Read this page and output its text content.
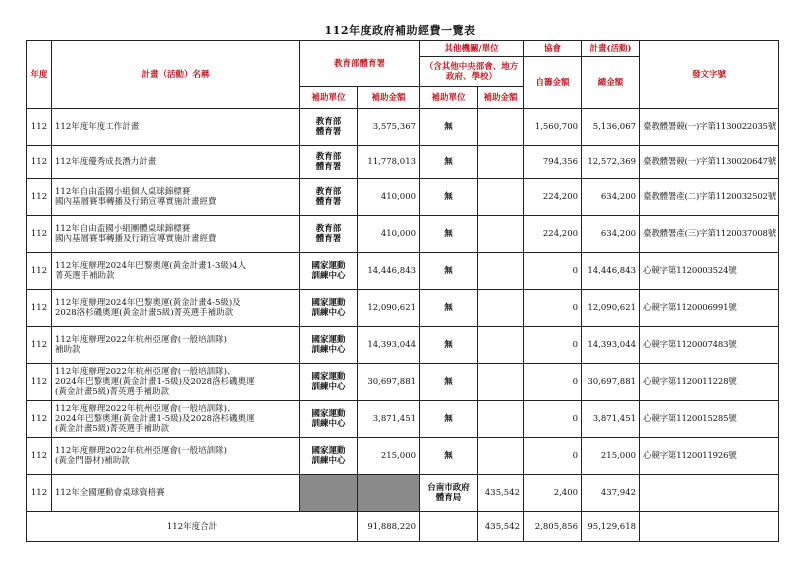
112年度政府補助經費一覽表
年度	計畫（活動）名稱	教育部體育署		其他機關/單位		協會	計畫(活動)	發文字號
				（含其他中央部會、地方政府、學校）		自籌金額	總金額	
		補助單位	補助金額	補助單位	補助金額			
112	112年度年度工作計畫	教育部
體育署	3,575,367	無		1,560,700	5,136,067	臺教體署競(一)字第1130022035號
112	112年度優秀成長潛力計畫	教育部
體育署	11,778,013	無		794,356	12,572,369	臺教體署競(一)字第1130020647號
112	112年自由盃國小組個人桌球錦標賽
國內基層賽事轉播及行銷宣導實施計畫經費	教育部
體育署	410,000	無		224,200	634,200	臺教體署產(二)字第1120032502號
112	112年自由盃國小組團體桌球錦標賽
國內基層賽事轉播及行銷宣導實施計畫經費	教育部
體育署	410,000	無		224,200	634,200	臺教體署產(三)字第1120037008號
112	112年度辦理2024年巴黎奧運(黃金計畫1-3級)4人
菁英選手補助款	國家運動
訓練中心	14,446,843	無		0	14,446,843	心競字第1120003524號
112	112年度辦理2024年巴黎奧運(黃金計畫4-5級)及
2028洛杉磯奧運(黃金計畫5級)菁英選手補助款	國家運動
訓練中心	12,090,621	無		0	12,090,621	心競字第1120006991號
112	112年度辦理2022年杭州亞運會(一般培訓隊)
補助款	國家運動
訓練中心	14,393,044	無		0	14,393,044	心競字第1120007483號
112	112年度辦理2022年杭州亞運會(一般培訓隊)、
2024年巴黎奧運(黃金計畫1-5級)及2028洛杉磯奧運
(黃金計畫5級)菁英選手補助款	國家運動
訓練中心	30,697,881	無		0	30,697,881	心競字第1120011228號
112	112年度辦理2022年杭州亞運會(一般培訓隊)、
2024年巴黎奧運(黃金計畫1-5級)及2028洛杉磯奧運
(黃金計畫5級)菁英選手補助款	國家運動
訓練中心	3,871,451	無		0	3,871,451	心競字第1120015285號
112	112年度辦理2022年杭州亞運會(一般培訓隊)
(黃金門器材)補助款	國家運動
訓練中心	215,000	無		0	215,000	心競字第1120011926號
112	112年全國運動會桌球資格賽			台南市政府
體育局	435,542	2,400	437,942	
112年度合計			91,888,220		435,542	2,805,856	95,129,618	
